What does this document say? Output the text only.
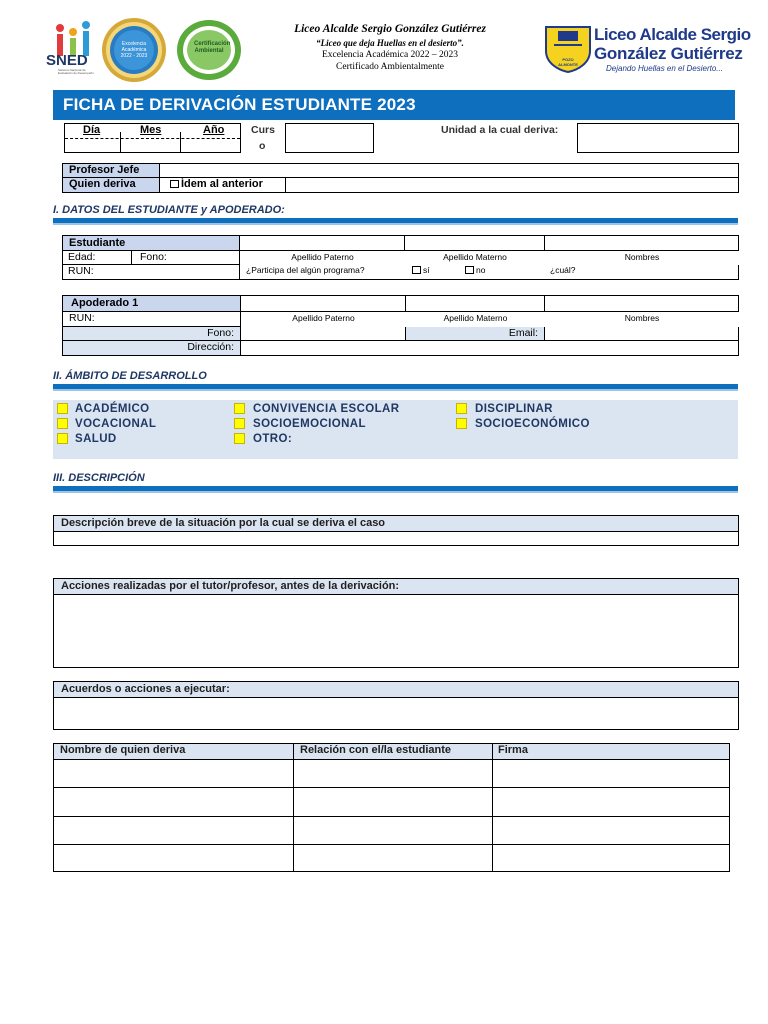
SNED
Sistema Nacional de Evaluación de Desempeño
Excelencia Académica 2022 - 2023
Certificación Ambiental
Liceo Alcalde Sergio González Gutiérrez
“Liceo que deja Huellas en el desierto”.
Excelencia Académica 2022 – 2023
Certificado Ambientalmente
POZO ALMONTE
Liceo Alcalde Sergio
González Gutiérrez
Dejando Huellas en el Desierto...
FICHA DE DERIVACIÓN ESTUDIANTE 2023
Día	Mes	Año	Curs
o
Unidad a la cual deriva:
Profesor Jefe
Quien deriva	Ídem al anterior
I. DATOS DEL ESTUDIANTE y APODERADO:
Estudiante
Edad:	Fono:	Apellido Paterno	Apellido Materno	Nombres
RUN:	¿Participa del algún programa?	sí	no	¿cuál?
Apoderado 1
RUN:	Apellido Paterno	Apellido Materno	Nombres
Fono:	Email:
Dirección:
II. ÁMBITO DE DESARROLLO
ACADÉMICO	CONVIVENCIA ESCOLAR	DISCIPLINAR
VOCACIONAL	SOCIOEMOCIONAL	SOCIOECONÓMICO
SALUD	OTRO:
III. DESCRIPCIÓN
Descripción breve de la situación por la cual se deriva el caso
Acciones realizadas por el tutor/profesor, antes de la derivación:
Acuerdos o acciones a ejecutar:
Nombre de quien deriva	Relación con el/la estudiante	Firma
